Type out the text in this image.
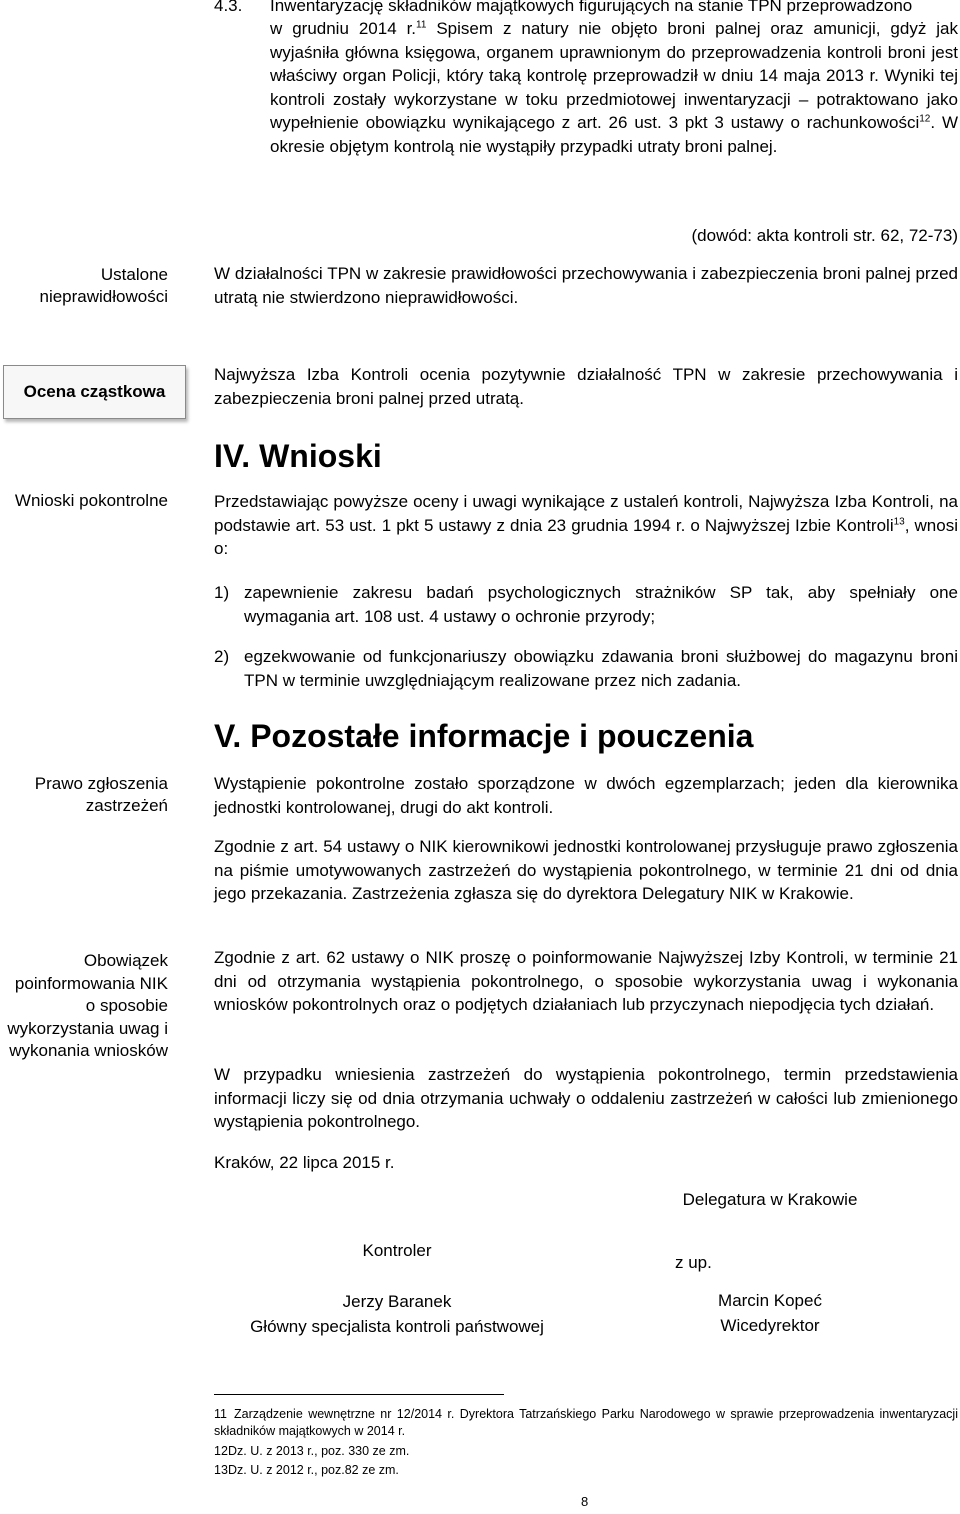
4.3. Inwentaryzację składników majątkowych figurujących na stanie TPN przeprowadzono
w grudniu 2014 r.$^{11}$ Spisem z natury nie objęto broni palnej oraz amunicji, gdyż jak wyjaśniła główna księgowa, organem uprawnionym do przeprowadzenia kontroli broni jest właściwy organ Policji, który taką kontrolę przeprowadził w dniu 14 maja 2013 r. Wyniki tej kontroli zostały wykorzystane w toku przedmiotowej inwentaryzacji – potraktowano jako wypełnienie obowiązku wynikającego z art. 26 ust. 3 pkt 3 ustawy o rachunkowości$^{12}$. W okresie objętym kontrolą nie wystąpiły przypadki utraty broni palnej.
(dowód: akta kontroli str. 62, 72-73)
Ustalone nieprawidłowości
W działalności TPN w zakresie prawidłowości przechowywania i zabezpieczenia broni palnej przed utratą nie stwierdzono nieprawidłowości.
Ocena cząstkowa
Najwyższa Izba Kontroli ocenia pozytywnie działalność TPN w zakresie przechowywania i zabezpieczenia broni palnej przed utratą.
IV. Wnioski
Wnioski pokontrolne	Przedstawiając powyższe oceny i uwagi wynikające z ustaleń kontroli, Najwyższa Izba Kontroli, na podstawie art. 53 ust. 1 pkt 5 ustawy z dnia 23 grudnia 1994 r. o Najwyższej Izbie Kontroli$^{13}$, wnosi o:
1) zapewnienie zakresu badań psychologicznych strażników SP tak, aby spełniały one wymagania art. 108 ust. 4 ustawy o ochronie przyrody;
2) egzekwowanie od funkcjonariuszy obowiązku zdawania broni służbowej do magazynu broni TPN w terminie uwzględniającym realizowane przez nich zadania.
V. Pozostałe informacje i pouczenia
Prawo zgłoszenia zastrzeżeń
Wystąpienie pokontrolne zostało sporządzone w dwóch egzemplarzach; jeden dla kierownika jednostki kontrolowanej, drugi do akt kontroli.
Zgodnie z art. 54 ustawy o NIK kierownikowi jednostki kontrolowanej przysługuje prawo zgłoszenia na piśmie umotywowanych zastrzeżeń do wystąpienia pokontrolnego, w terminie 21 dni od dnia jego przekazania. Zastrzeżenia zgłasza się do dyrektora Delegatury NIK w Krakowie.
Obowiązek poinformowania NIK o sposobie wykorzystania uwag i wykonania wniosków
Zgodnie z art. 62 ustawy o NIK proszę o poinformowanie Najwyższej Izby Kontroli, w terminie 21 dni od otrzymania wystąpienia pokontrolnego, o sposobie wykorzystania uwag i wykonania wniosków pokontrolnych oraz o podjętych działaniach lub przyczynach niepodjęcia tych działań.
W przypadku wniesienia zastrzeżeń do wystąpienia pokontrolnego, termin przedstawienia informacji liczy się od dnia otrzymania uchwały o oddaleniu zastrzeżeń w całości lub zmienionego wystąpienia pokontrolnego.
Kraków, 22 lipca 2015 r.
Delegatura w Krakowie
z up.
Marcin Kopeć
Wicedyrektor
Kontroler
Jerzy Baranek
Główny specjalista kontroli państwowej
11 Zarządzenie wewnętrzne nr 12/2014 r. Dyrektora Tatrzańskiego Parku Narodowego w sprawie przeprowadzenia inwentaryzacji składników majątkowych w 2014 r.
12Dz. U. z 2013 r., poz. 330 ze zm.
13Dz. U. z 2012 r., poz.82 ze zm.
8
